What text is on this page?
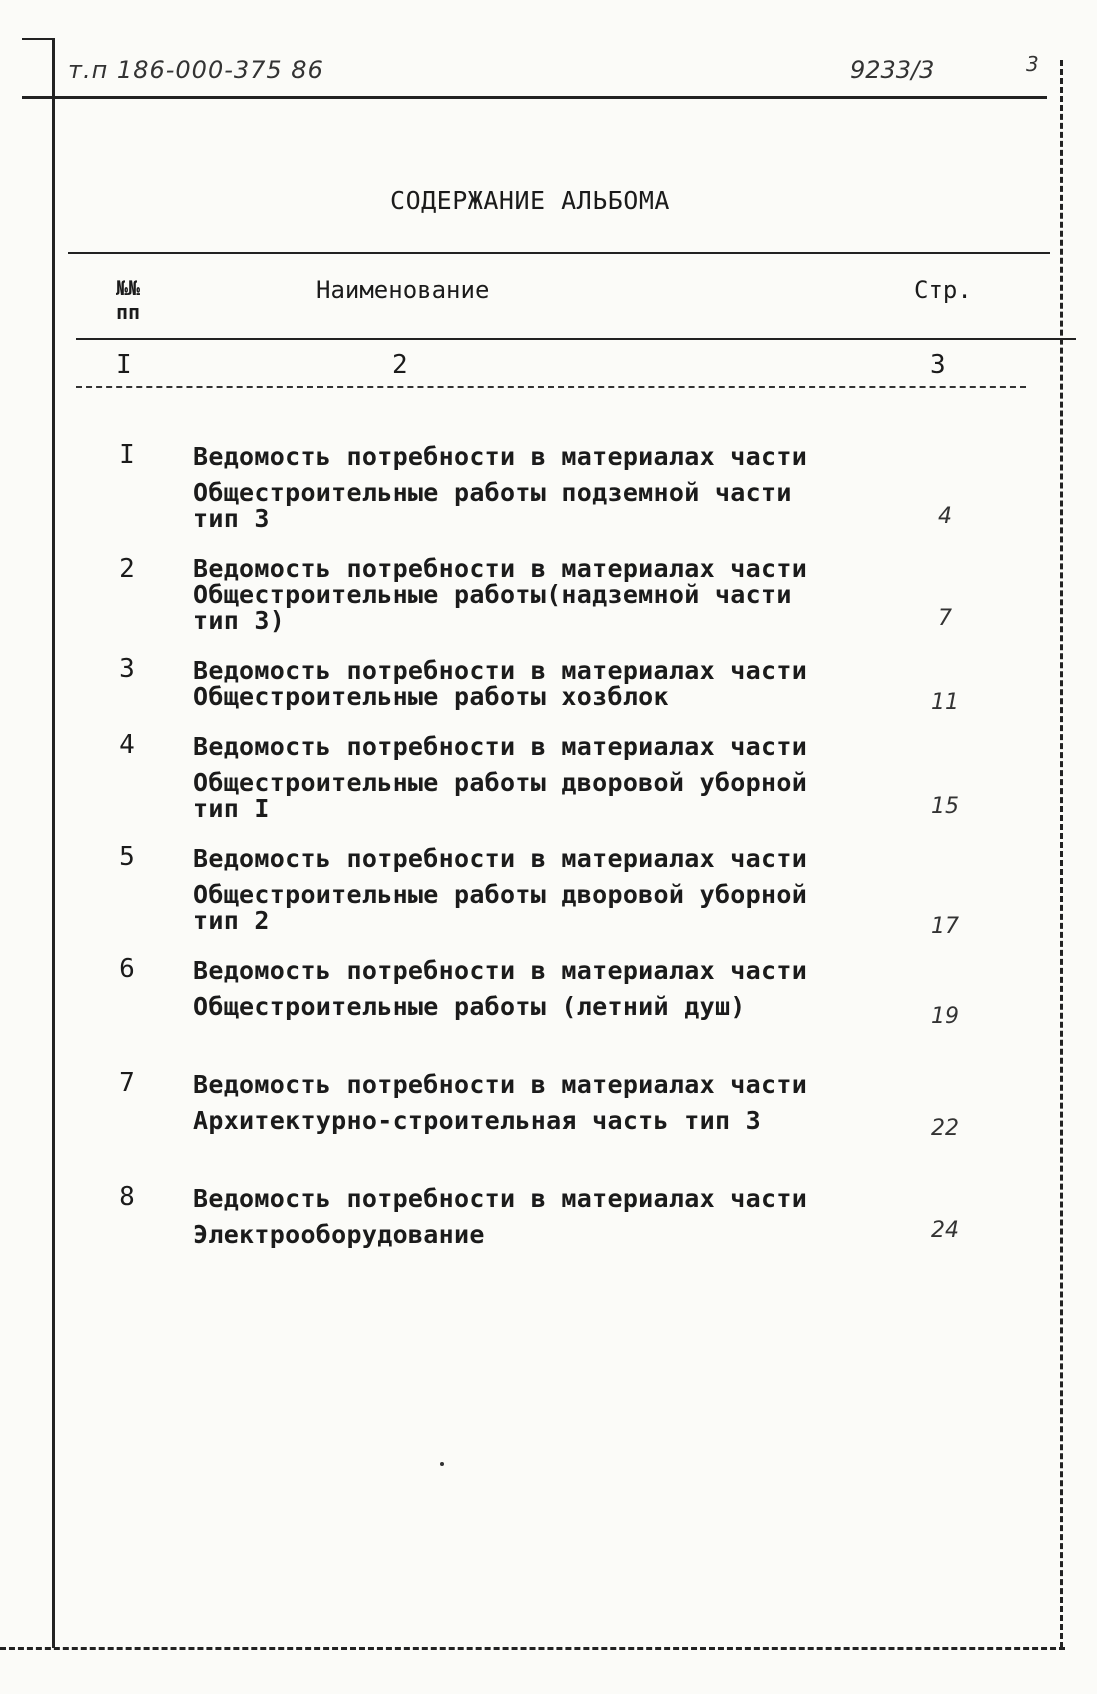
т.п 186-000-375 86	9233/3	3
СОДЕРЖАНИЕ АЛЬБОМА
№№ пп
Наименование	Стр.
I	2	3
I Ведомость потребности в материалах части
Общестроительные работы подземной части
тип 3	4
2 Ведомость потребности в материалах части
Общестроительные работы(надземной части
тип 3)	7
3 Ведомость потребности в материалах части
Общестроительные работы хозблок	11
4 Ведомость потребности в материалах части
Общестроительные работы дворовой уборной
тип I	15
5 Ведомость потребности в материалах части
Общестроительные работы дворовой уборной
тип 2	17
6 Ведомость потребности в материалах части
Общестроительные работы (летний душ)	19
7 Ведомость потребности в материалах части
Архитектурно-строительная часть тип 3	22
8 Ведомость потребности в материалах части
Электрооборудование	24
